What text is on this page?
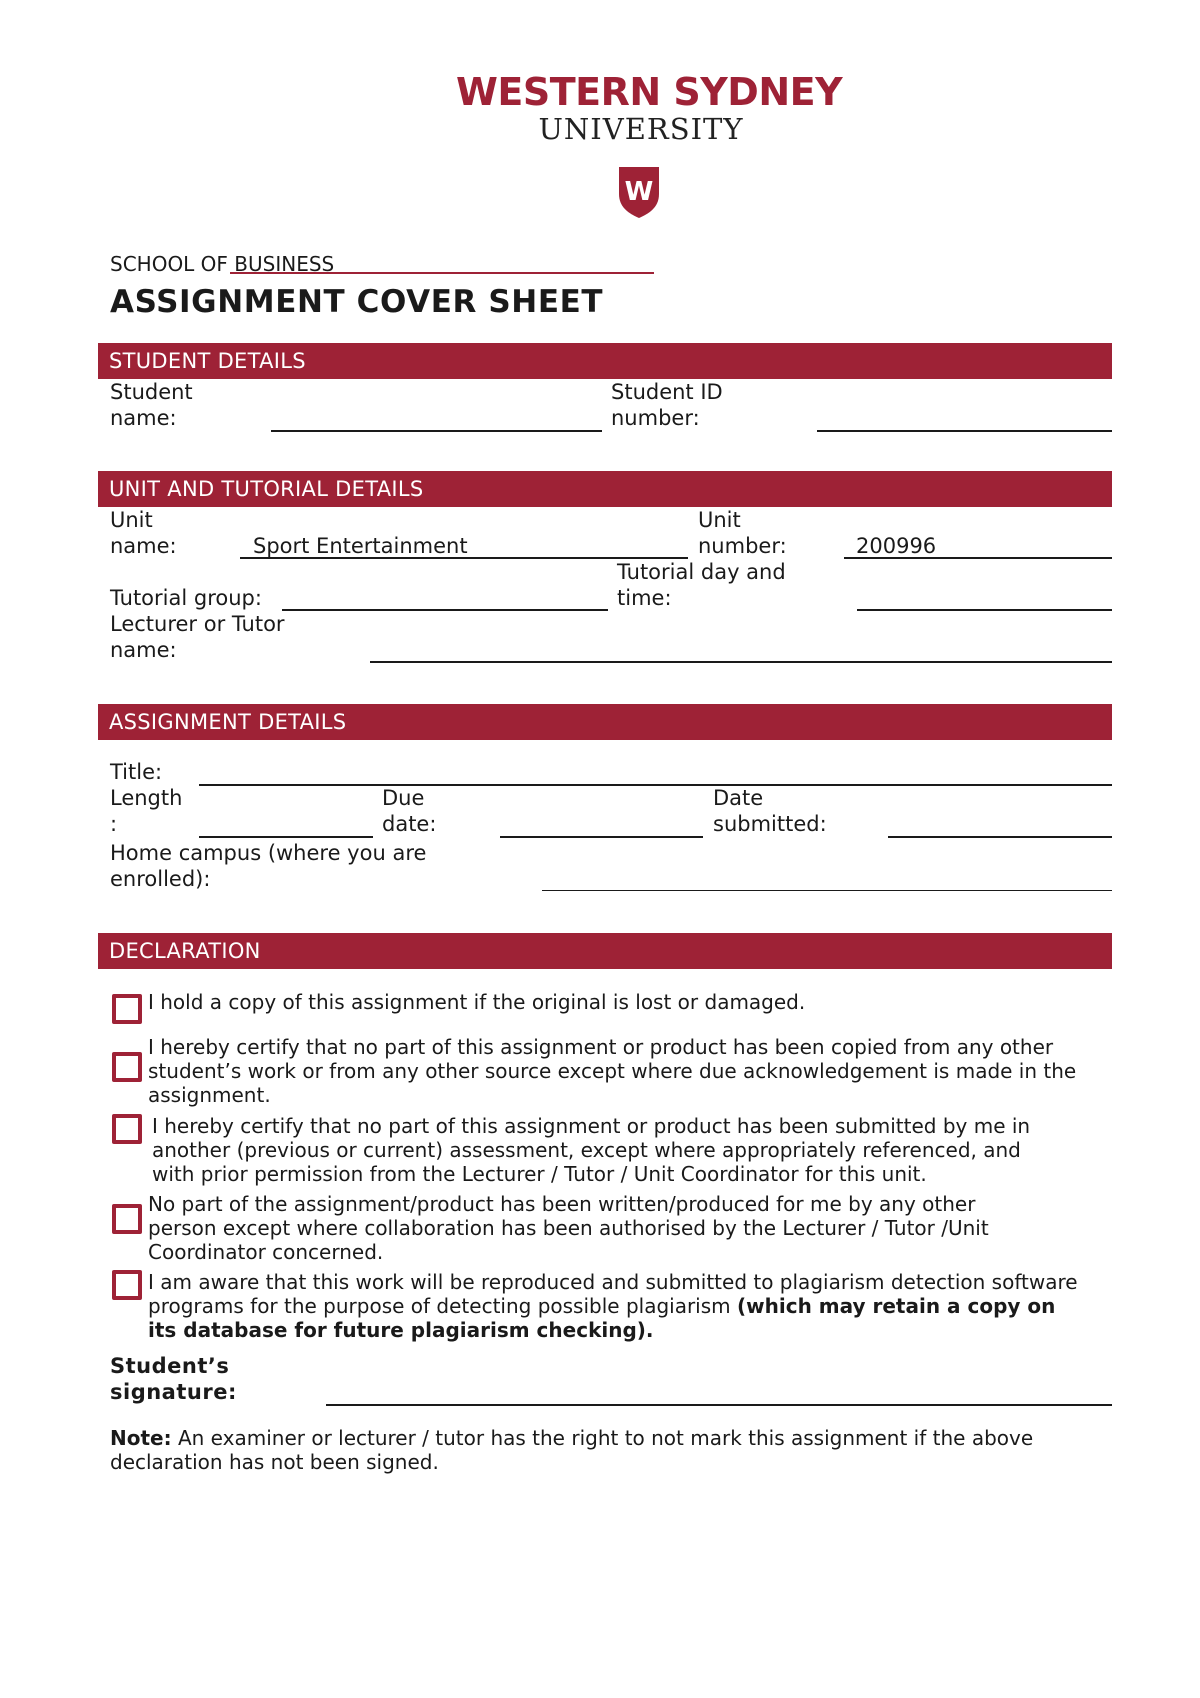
WESTERN SYDNEY
UNIVERSITY
W
SCHOOL OF BUSINESS
ASSIGNMENT COVER SHEET
STUDENT DETAILS
Student
name:
Student ID
number:
UNIT AND TUTORIAL DETAILS
Unit
name:	Sport Entertainment
Unit
number:	200996
Tutorial group:
Tutorial day and
time:
Lecturer or Tutor
name:
ASSIGNMENT DETAILS
Title:
Length
:
Due
date:
Date
submitted:
Home campus (where you are
enrolled):
DECLARATION
I hold a copy of this assignment if the original is lost or damaged.
I hereby certify that no part of this assignment or product has been copied from any other
student’s work or from any other source except where due acknowledgement is made in the
assignment.
I hereby certify that no part of this assignment or product has been submitted by me in
another (previous or current) assessment, except where appropriately referenced, and
with prior permission from the Lecturer / Tutor / Unit Coordinator for this unit.
No part of the assignment/product has been written/produced for me by any other
person except where collaboration has been authorised by the Lecturer / Tutor /Unit
Coordinator concerned.
I am aware that this work will be reproduced and submitted to plagiarism detection software
programs for the purpose of detecting possible plagiarism (which may retain a copy on
its database for future plagiarism checking).
Student’s
signature:
Note: An examiner or lecturer / tutor has the right to not mark this assignment if the above
declaration has not been signed.
